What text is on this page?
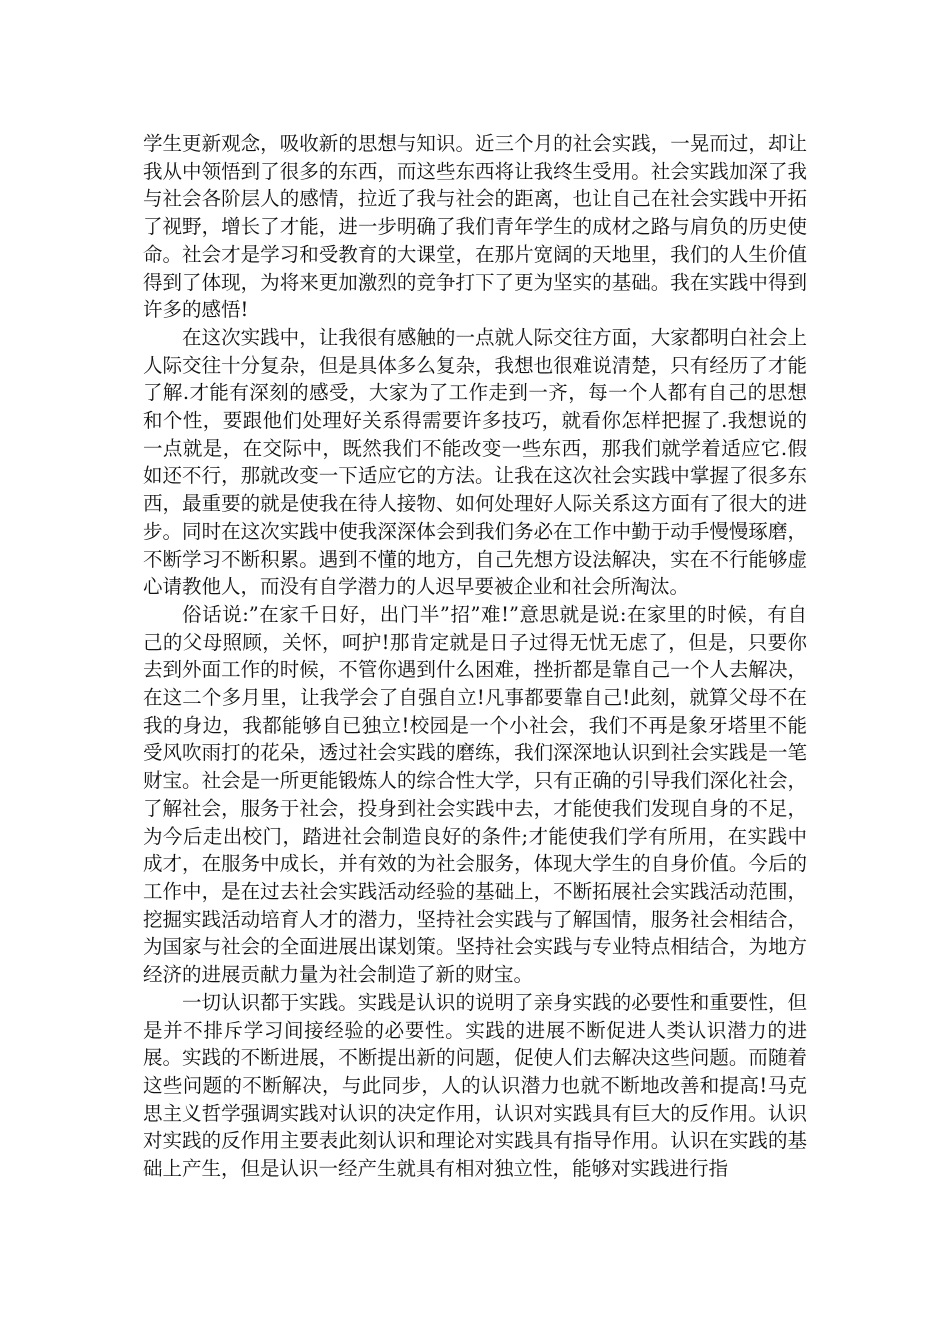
学生更新观念，吸收新的思想与知识。近三个月的社会实践，一晃而过，却让我从中领悟到了很多的东西，而这些东西将让我终生受用。社会实践加深了我与社会各阶层人的感情，拉近了我与社会的距离，也让自己在社会实践中开拓了视野，增长了才能，进一步明确了我们青年学生的成材之路与肩负的历史使命。社会才是学习和受教育的大课堂，在那片宽阔的天地里，我们的人生价值得到了体现，为将来更加激烈的竞争打下了更为坚实的基础。我在实践中得到许多的感悟!

在这次实践中，让我很有感触的一点就人际交往方面，大家都明白社会上人际交往十分复杂，但是具体多么复杂，我想也很难说清楚，只有经历了才能了解.才能有深刻的感受，大家为了工作走到一齐，每一个人都有自己的思想和个性，要跟他们处理好关系得需要许多技巧，就看你怎样把握了.我想说的一点就是，在交际中，既然我们不能改变一些东西，那我们就学着适应它.假如还不行，那就改变一下适应它的方法。让我在这次社会实践中掌握了很多东西，最重要的就是使我在待人接物、如何处理好人际关系这方面有了很大的进步。同时在这次实践中使我深深体会到我们务必在工作中勤于动手慢慢琢磨，不断学习不断积累。遇到不懂的地方，自己先想方设法解决，实在不行能够虚心请教他人，而没有自学潜力的人迟早要被企业和社会所淘汰。

俗话说:”在家千日好，出门半”招”难!”意思就是说:在家里的时候，有自己的父母照顾，关怀，呵护!那肯定就是日子过得无忧无虑了，但是，只要你去到外面工作的时候，不管你遇到什么困难，挫折都是靠自己一个人去解决，在这二个多月里，让我学会了自强自立!凡事都要靠自己!此刻，就算父母不在我的身边，我都能够自已独立!校园是一个小社会，我们不再是象牙塔里不能受风吹雨打的花朵，透过社会实践的磨练，我们深深地认识到社会实践是一笔财宝。社会是一所更能锻炼人的综合性大学，只有正确的引导我们深化社会，了解社会，服务于社会，投身到社会实践中去，才能使我们发现自身的不足，为今后走出校门，踏进社会制造良好的条件;才能使我们学有所用，在实践中成才，在服务中成长，并有效的为社会服务，体现大学生的自身价值。今后的工作中，是在过去社会实践活动经验的基础上，不断拓展社会实践活动范围，挖掘实践活动培育人才的潜力，坚持社会实践与了解国情，服务社会相结合，为国家与社会的全面进展出谋划策。坚持社会实践与专业特点相结合，为地方经济的进展贡献力量为社会制造了新的财宝。

一切认识都于实践。实践是认识的说明了亲身实践的必要性和重要性，但是并不排斥学习间接经验的必要性。实践的进展不断促进人类认识潜力的进展。实践的不断进展，不断提出新的问题，促使人们去解决这些问题。而随着这些问题的不断解决，与此同步，人的认识潜力也就不断地改善和提高!马克思主义哲学强调实践对认识的决定作用，认识对实践具有巨大的反作用。认识对实践的反作用主要表此刻认识和理论对实践具有指导作用。认识在实践的基础上产生，但是认识一经产生就具有相对独立性，能够对实践进行指
